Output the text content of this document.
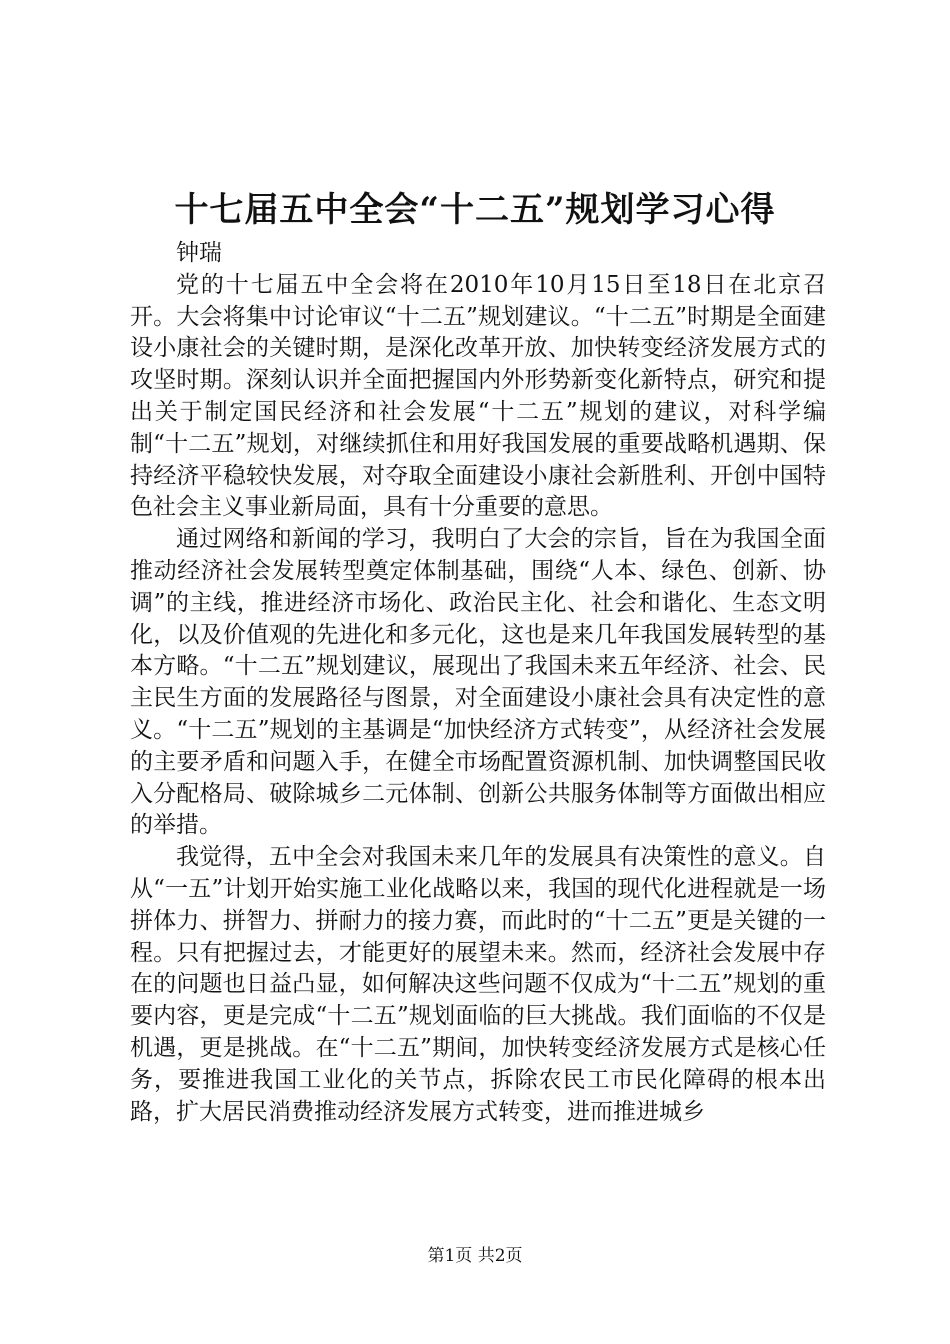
十七届五中全会“十二五”规划学习心得

钟瑞

党的十七届五中全会将在2010年10月15日至18日在北京召开。大会将集中讨论审议“十二五”规划建议。“十二五”时期是全面建设小康社会的关键时期，是深化改革开放、加快转变经济发展方式的攻坚时期。深刻认识并全面把握国内外形势新变化新特点，研究和提出关于制定国民经济和社会发展“十二五”规划的建议，对科学编制“十二五”规划，对继续抓住和用好我国发展的重要战略机遇期、保持经济平稳较快发展，对夺取全面建设小康社会新胜利、开创中国特色社会主义事业新局面，具有十分重要的意思。

通过网络和新闻的学习，我明白了大会的宗旨，旨在为我国全面推动经济社会发展转型奠定体制基础，围绕“人本、绿色、创新、协调”的主线，推进经济市场化、政治民主化、社会和谐化、生态文明化，以及价值观的先进化和多元化，这也是来几年我国发展转型的基本方略。“十二五”规划建议，展现出了我国未来五年经济、社会、民主民生方面的发展路径与图景，对全面建设小康社会具有决定性的意义。“十二五”规划的主基调是“加快经济方式转变”，从经济社会发展的主要矛盾和问题入手，在健全市场配置资源机制、加快调整国民收入分配格局、破除城乡二元体制、创新公共服务体制等方面做出相应的举措。

我觉得，五中全会对我国未来几年的发展具有决策性的意义。自从“一五”计划开始实施工业化战略以来，我国的现代化进程就是一场拼体力、拼智力、拼耐力的接力赛，而此时的“十二五”更是关键的一程。只有把握过去，才能更好的展望未来。然而，经济社会发展中存在的问题也日益凸显，如何解决这些问题不仅成为“十二五”规划的重要内容，更是完成“十二五”规划面临的巨大挑战。我们面临的不仅是机遇，更是挑战。在“十二五”期间，加快转变经济发展方式是核心任务，要推进我国工业化的关节点，拆除农民工市民化障碍的根本出路，扩大居民消费推动经济发展方式转变，进而推进城乡

第1页 共2页
